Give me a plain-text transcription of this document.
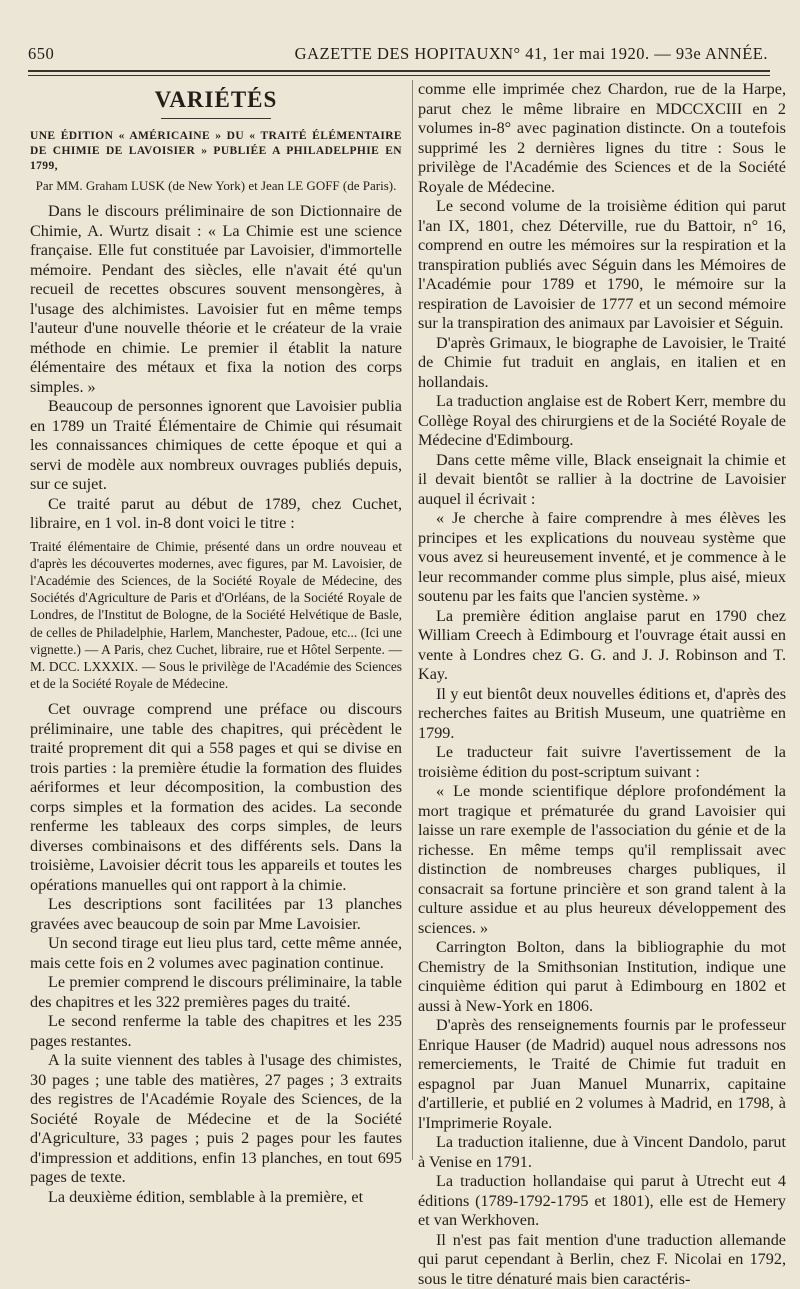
650	GAZETTE DES HOPITAUX N° 41, 1er mai 1920. — 93e ANNÉE.
VARIÉTÉS
UNE ÉDITION « AMÉRICAINE » DU « TRAITÉ ÉLÉMENTAIRE DE CHIMIE DE LAVOISIER » PUBLIÉE A PHILADELPHIE EN 1799,
Par MM. Graham LUSK (de New York) et Jean LE GOFF (de Paris).

Dans le discours préliminaire de son Dictionnaire de Chimie, A. Wurtz disait : « La Chimie est une science française. Elle fut constituée par Lavoisier, d'immortelle mémoire. Pendant des siècles, elle n'avait été qu'un recueil de recettes obscures souvent mensongères, à l'usage des alchimistes. Lavoisier fut en même temps l'auteur d'une nouvelle théorie et le créateur de la vraie méthode en chimie. Le premier il établit la nature élémentaire des métaux et fixa la notion des corps simples. »

Beaucoup de personnes ignorent que Lavoisier publia en 1789 un Traité Élémentaire de Chimie qui résumait les connaissances chimiques de cette époque et qui a servi de modèle aux nombreux ouvrages publiés depuis, sur ce sujet.

Ce traité parut au début de 1789, chez Cuchet, libraire, en 1 vol. in-8 dont voici le titre :

Traité élémentaire de Chimie, présenté dans un ordre nouveau et d'après les découvertes modernes, avec figures, par M. Lavoisier, de l'Académie des Sciences, de la Société Royale de Médecine, des Sociétés d'Agriculture de Paris et d'Orléans, de la Société Royale de Londres, de l'Institut de Bologne, de la Société Helvétique de Basle, de celles de Philadelphie, Harlem, Manchester, Padoue, etc... (Ici une vignette.) — A Paris, chez Cuchet, libraire, rue et Hôtel Serpente. — M. DCC. LXXXIX. — Sous le privilège de l'Académie des Sciences et de la Société Royale de Médecine.

Cet ouvrage comprend une préface ou discours préliminaire, une table des chapitres, qui précèdent le traité proprement dit qui a 558 pages et qui se divise en trois parties : la première étudie la formation des fluides aériformes et leur décomposition, la combustion des corps simples et la formation des acides. La seconde renferme les tableaux des corps simples, de leurs diverses combinaisons et des différents sels. Dans la troisième, Lavoisier décrit tous les appareils et toutes les opérations manuelles qui ont rapport à la chimie.

Les descriptions sont facilitées par 13 planches gravées avec beaucoup de soin par Mme Lavoisier.

Un second tirage eut lieu plus tard, cette même année, mais cette fois en 2 volumes avec pagination continue.

Le premier comprend le discours préliminaire, la table des chapitres et les 322 premières pages du traité.

Le second renferme la table des chapitres et les 235 pages restantes.

A la suite viennent des tables à l'usage des chimistes, 30 pages ; une table des matières, 27 pages ; 3 extraits des registres de l'Académie Royale des Sciences, de la Société Royale de Médecine et de la Société d'Agriculture, 33 pages ; puis 2 pages pour les fautes d'impression et additions, enfin 13 planches, en tout 695 pages de texte.

La deuxième édition, semblable à la première, et

comme elle imprimée chez Chardon, rue de la Harpe, parut chez le même libraire en MDCCXCIII en 2 volumes in-8° avec pagination distincte. On a toutefois supprimé les 2 dernières lignes du titre : Sous le privilège de l'Académie des Sciences et de la Société Royale de Médecine.

Le second volume de la troisième édition qui parut l'an IX, 1801, chez Déterville, rue du Battoir, n° 16, comprend en outre les mémoires sur la respiration et la transpiration publiés avec Séguin dans les Mémoires de l'Académie pour 1789 et 1790, le mémoire sur la respiration de Lavoisier de 1777 et un second mémoire sur la transpiration des animaux par Lavoisier et Séguin.

D'après Grimaux, le biographe de Lavoisier, le Traité de Chimie fut traduit en anglais, en italien et en hollandais.

La traduction anglaise est de Robert Kerr, membre du Collège Royal des chirurgiens et de la Société Royale de Médecine d'Edimbourg.

Dans cette même ville, Black enseignait la chimie et il devait bientôt se rallier à la doctrine de Lavoisier auquel il écrivait :

« Je cherche à faire comprendre à mes élèves les principes et les explications du nouveau système que vous avez si heureusement inventé, et je commence à le leur recommander comme plus simple, plus aisé, mieux soutenu par les faits que l'ancien système. »

La première édition anglaise parut en 1790 chez William Creech à Edimbourg et l'ouvrage était aussi en vente à Londres chez G. G. and J. J. Robinson and T. Kay.

Il y eut bientôt deux nouvelles éditions et, d'après des recherches faites au British Museum, une quatrième en 1799.

Le traducteur fait suivre l'avertissement de la troisième édition du post-scriptum suivant :

« Le monde scientifique déplore profondément la mort tragique et prématurée du grand Lavoisier qui laisse un rare exemple de l'association du génie et de la richesse. En même temps qu'il remplissait avec distinction de nombreuses charges publiques, il consacrait sa fortune princière et son grand talent à la culture assidue et au plus heureux développement des sciences. »

Carrington Bolton, dans la bibliographie du mot Chemistry de la Smithsonian Institution, indique une cinquième édition qui parut à Edimbourg en 1802 et aussi à New-York en 1806.

D'après des renseignements fournis par le professeur Enrique Hauser (de Madrid) auquel nous adressons nos remerciements, le Traité de Chimie fut traduit en espagnol par Juan Manuel Munarrix, capitaine d'artillerie, et publié en 2 volumes à Madrid, en 1798, à l'Imprimerie Royale.

La traduction italienne, due à Vincent Dandolo, parut à Venise en 1791.

La traduction hollandaise qui parut à Utrecht eut 4 éditions (1789-1792-1795 et 1801), elle est de Hemery et van Werkhoven.

Il n'est pas fait mention d'une traduction allemande qui parut cependant à Berlin, chez F. Nicolai en 1792, sous le titre dénaturé mais bien caractéris-
